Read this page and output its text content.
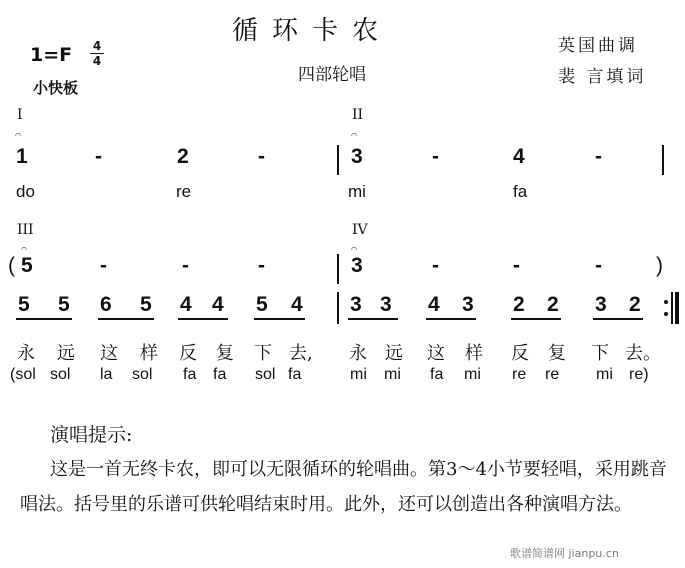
循环卡农
四部轮唱
英国曲调
裴 言填词
1=F 4
4
小快板
I	II
𝄐	𝄐
1	-	2	-	3	-	4	-
do	re	mi	fa
III	IV
𝄐	𝄐
( 5	-	-	-	3	-	-	-	)
5 5 6 5 4 4 5 4 3 3 4 3 2 2 3 2
永 远 这 样 反 复 下 去, 永 远 这 样 反 复 下 去。
(sol sol la sol fa fa sol fa	mi mi fa mi re re mi re)
演唱提示:
这是一首无终卡农，即可以无限循环的轮唱曲。第3～4小节要轻唱，采用跳音唱法。括号里的乐谱可供轮唱结束时用。此外，还可以创造出各种演唱方法。
歌谱简谱网 jianpu.cn
